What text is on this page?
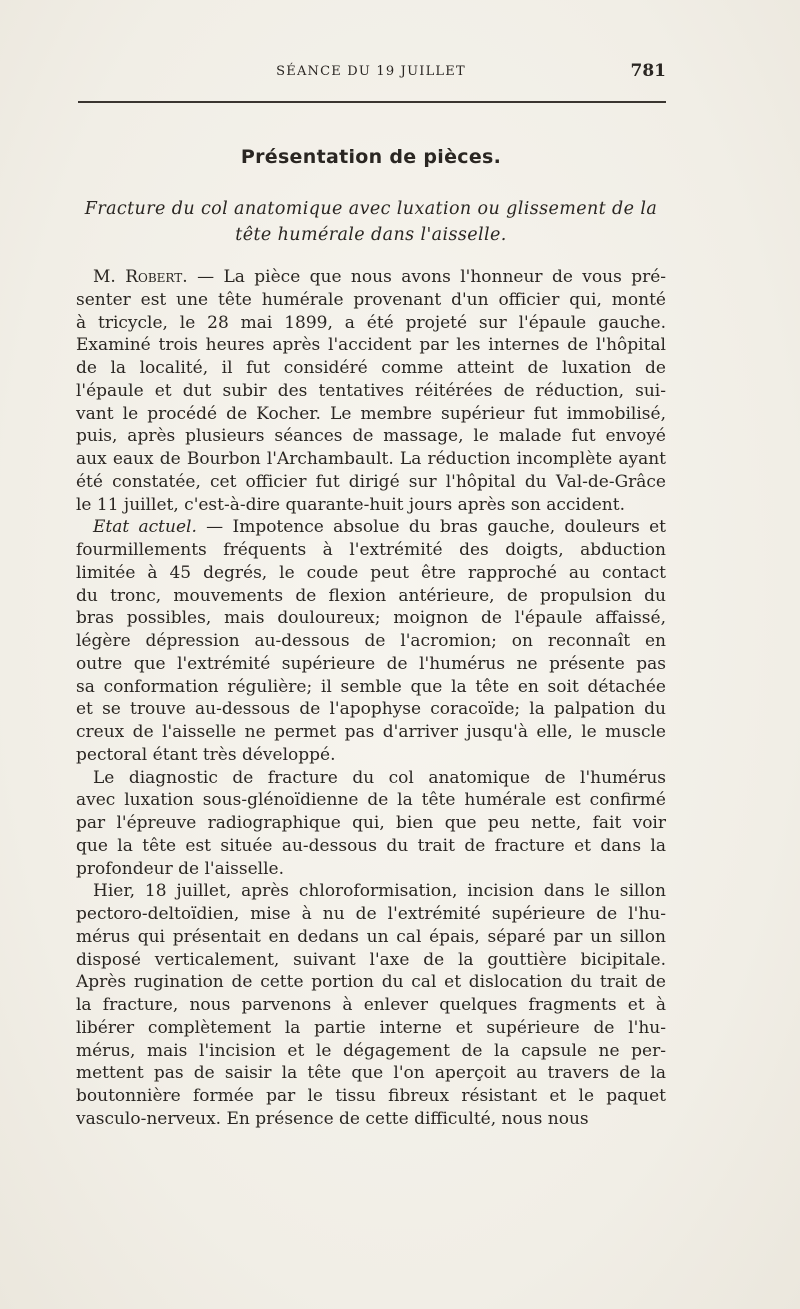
SÉANCE DU 19 JUILLET	781
Présentation de pièces.
Fracture du col anatomique avec luxation ou glissement de la
tête humérale dans l'aisselle.
M. Robert. — La pièce que nous avons l'honneur de vous pré-
senter est une tête humérale provenant d'un officier qui, monté
à tricycle, le 28 mai 1899, a été projeté sur l'épaule gauche.
Examiné trois heures après l'accident par les internes de l'hôpital
de la localité, il fut considéré comme atteint de luxation de
l'épaule et dut subir des tentatives réitérées de réduction, sui-
vant le procédé de Kocher. Le membre supérieur fut immobilisé,
puis, après plusieurs séances de massage, le malade fut envoyé
aux eaux de Bourbon l'Archambault. La réduction incomplète ayant
été constatée, cet officier fut dirigé sur l'hôpital du Val-de-Grâce
le 11 juillet, c'est-à-dire quarante-huit jours après son accident.
Etat actuel. — Impotence absolue du bras gauche, douleurs et
fourmillements fréquents à l'extrémité des doigts, abduction
limitée à 45 degrés, le coude peut être rapproché au contact
du tronc, mouvements de flexion antérieure, de propulsion du
bras possibles, mais douloureux; moignon de l'épaule affaissé,
légère dépression au-dessous de l'acromion; on reconnaît en
outre que l'extrémité supérieure de l'humérus ne présente pas
sa conformation régulière; il semble que la tête en soit détachée
et se trouve au-dessous de l'apophyse coracoïde; la palpation du
creux de l'aisselle ne permet pas d'arriver jusqu'à elle, le muscle
pectoral étant très développé.
Le diagnostic de fracture du col anatomique de l'humérus
avec luxation sous-glénoïdienne de la tête humérale est confirmé
par l'épreuve radiographique qui, bien que peu nette, fait voir
que la tête est située au-dessous du trait de fracture et dans la
profondeur de l'aisselle.
Hier, 18 juillet, après chloroformisation, incision dans le sillon
pectoro-deltoïdien, mise à nu de l'extrémité supérieure de l'hu-
mérus qui présentait en dedans un cal épais, séparé par un sillon
disposé verticalement, suivant l'axe de la gouttière bicipitale.
Après rugination de cette portion du cal et dislocation du trait de
la fracture, nous parvenons à enlever quelques fragments et à
libérer complètement la partie interne et supérieure de l'hu-
mérus, mais l'incision et le dégagement de la capsule ne per-
mettent pas de saisir la tête que l'on aperçoit au travers de la
boutonnière formée par le tissu fibreux résistant et le paquet
vasculo-nerveux. En présence de cette difficulté, nous nous
